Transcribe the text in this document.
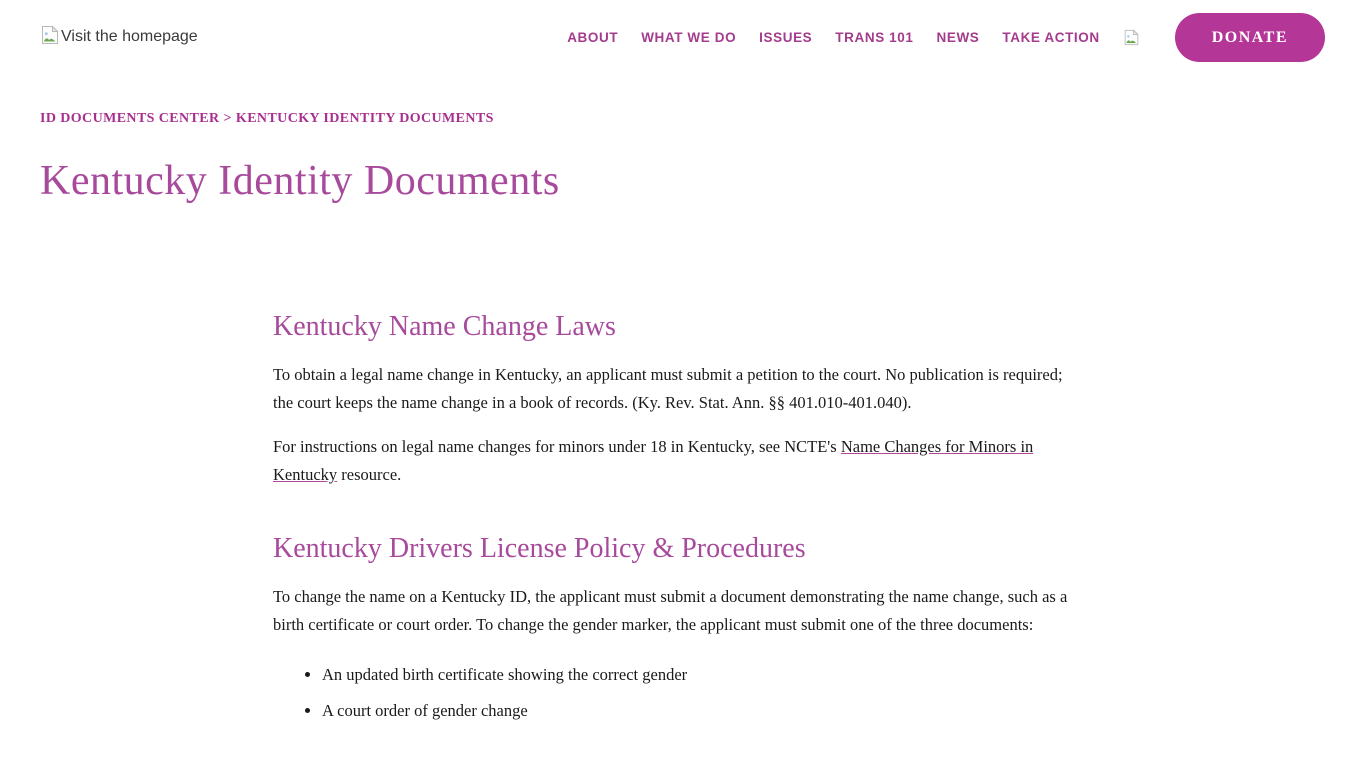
Visit the homepage	ABOUT WHAT WE DO ISSUES TRANS 101 NEWS TAKE ACTION	DONATE
ID DOCUMENTS CENTER > KENTUCKY IDENTITY DOCUMENTS
Kentucky Identity Documents
Kentucky Name Change Laws

To obtain a legal name change in Kentucky, an applicant must submit a petition to the court. No publication is required; the court keeps the name change in a book of records. (Ky. Rev. Stat. Ann. §§ 401.010-401.040).

For instructions on legal name changes for minors under 18 in Kentucky, see NCTE's Name Changes for Minors in Kentucky resource.

Kentucky Drivers License Policy & Procedures

To change the name on a Kentucky ID, the applicant must submit a document demonstrating the name change, such as a birth certificate or court order. To change the gender marker, the applicant must submit one of the three documents:

• An updated birth certificate showing the correct gender
• A court order of gender change
